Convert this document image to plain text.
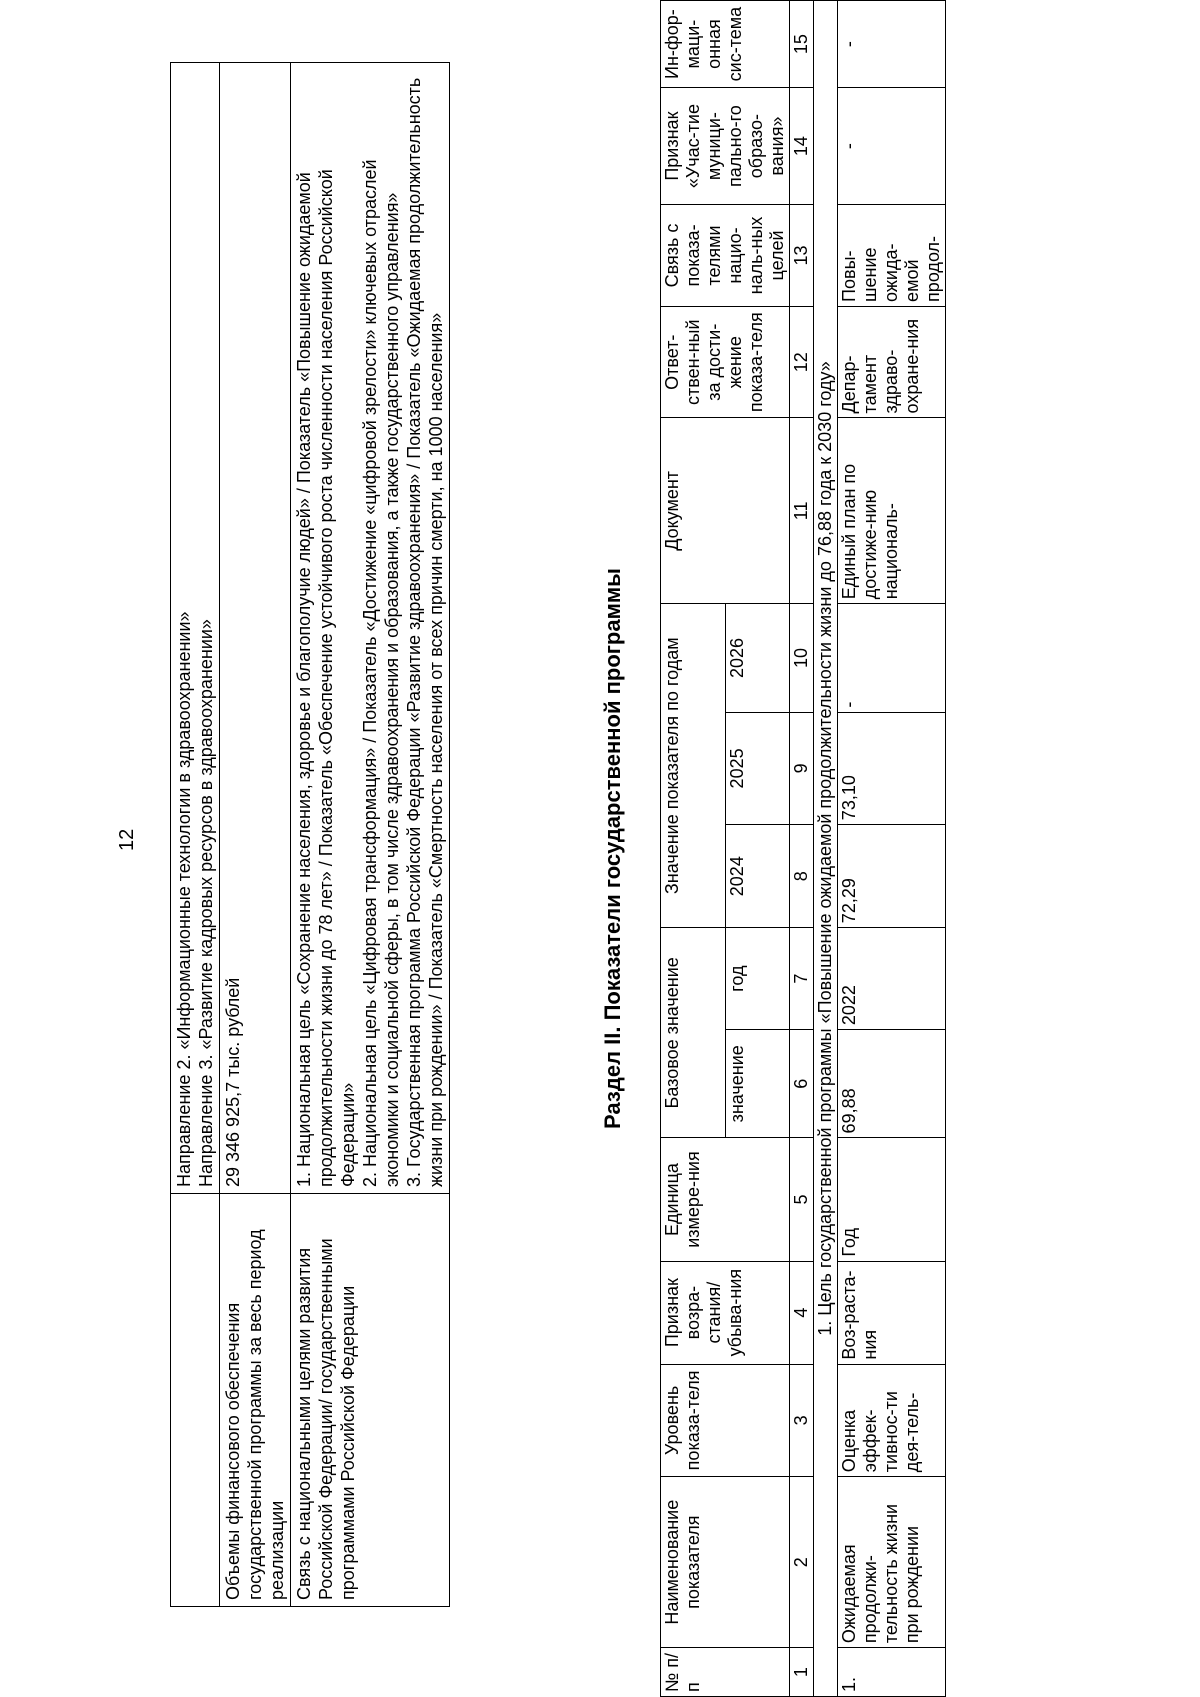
12

	Направление 2. «Информационные технологии в здравоохранении» Направление 3. «Развитие кадровых ресурсов в здравоохранении»

Объемы финансового обеспечения государственной программы за весь период реализации	29 346 925,7 тыс. рублей
Связь с национальными целями развития Российской Федерации/ государственными программами Российской Федерации	1. Национальная цель «Сохранение населения, здоровье и благополучие людей» / Показатель «Повышение ожидаемой продолжительности жизни до 78 лет» / Показатель «Обеспечение устойчивого роста численности населения Российской Федерации» 2. Национальная цель «Цифровая трансформация» / Показатель «Достижение «цифровой зрелости» ключевых отраслей экономики и социальной сферы, в том числе здравоохранения и образования, а также государственного управления» 3. Государственная программа Российской Федерации «Развитие здравоохранения» / Показатель «Ожидаемая продолжительность жизни при рождении» / Показатель «Смертность населения от всех причин смерти, на 1000 населения»	Раздел II. Показатели государственной программы
№ п/п	Наименование показателя	Уровень показа-теля	Признак возра-стания/ убыва-ния	Единица измере-ния	Базовое значение		Значение показателя по годам			Документ	Ответ-ствен-ный за дости-жение показа-теля	Связь с показа-телями нацио-наль-ных целей	Признак «Учас-тие муници-пально-го образо-вания»	Ин-фор-маци-онная сис-тема
					значение	год	2024	2025	2026					
1	2	3	4	5	6	7	8	9	10	11	12	13	14	15
1. Цель государственной программы «Повышение ожидаемой продолжительности жизни до 76,88 года к 2030 году»														
1.	Ожидаемая продолжи-тельность жизни при рождении	Оценка эффек-тивнос-ти дея-тель-	Воз-раста-ния	Год	69,88	2022	72,29	73,10	-	Единый план по достиже-нию националь-	Депар-тамент здраво-охране-ния	Повы-шение ожида-емой продол-	-	-
